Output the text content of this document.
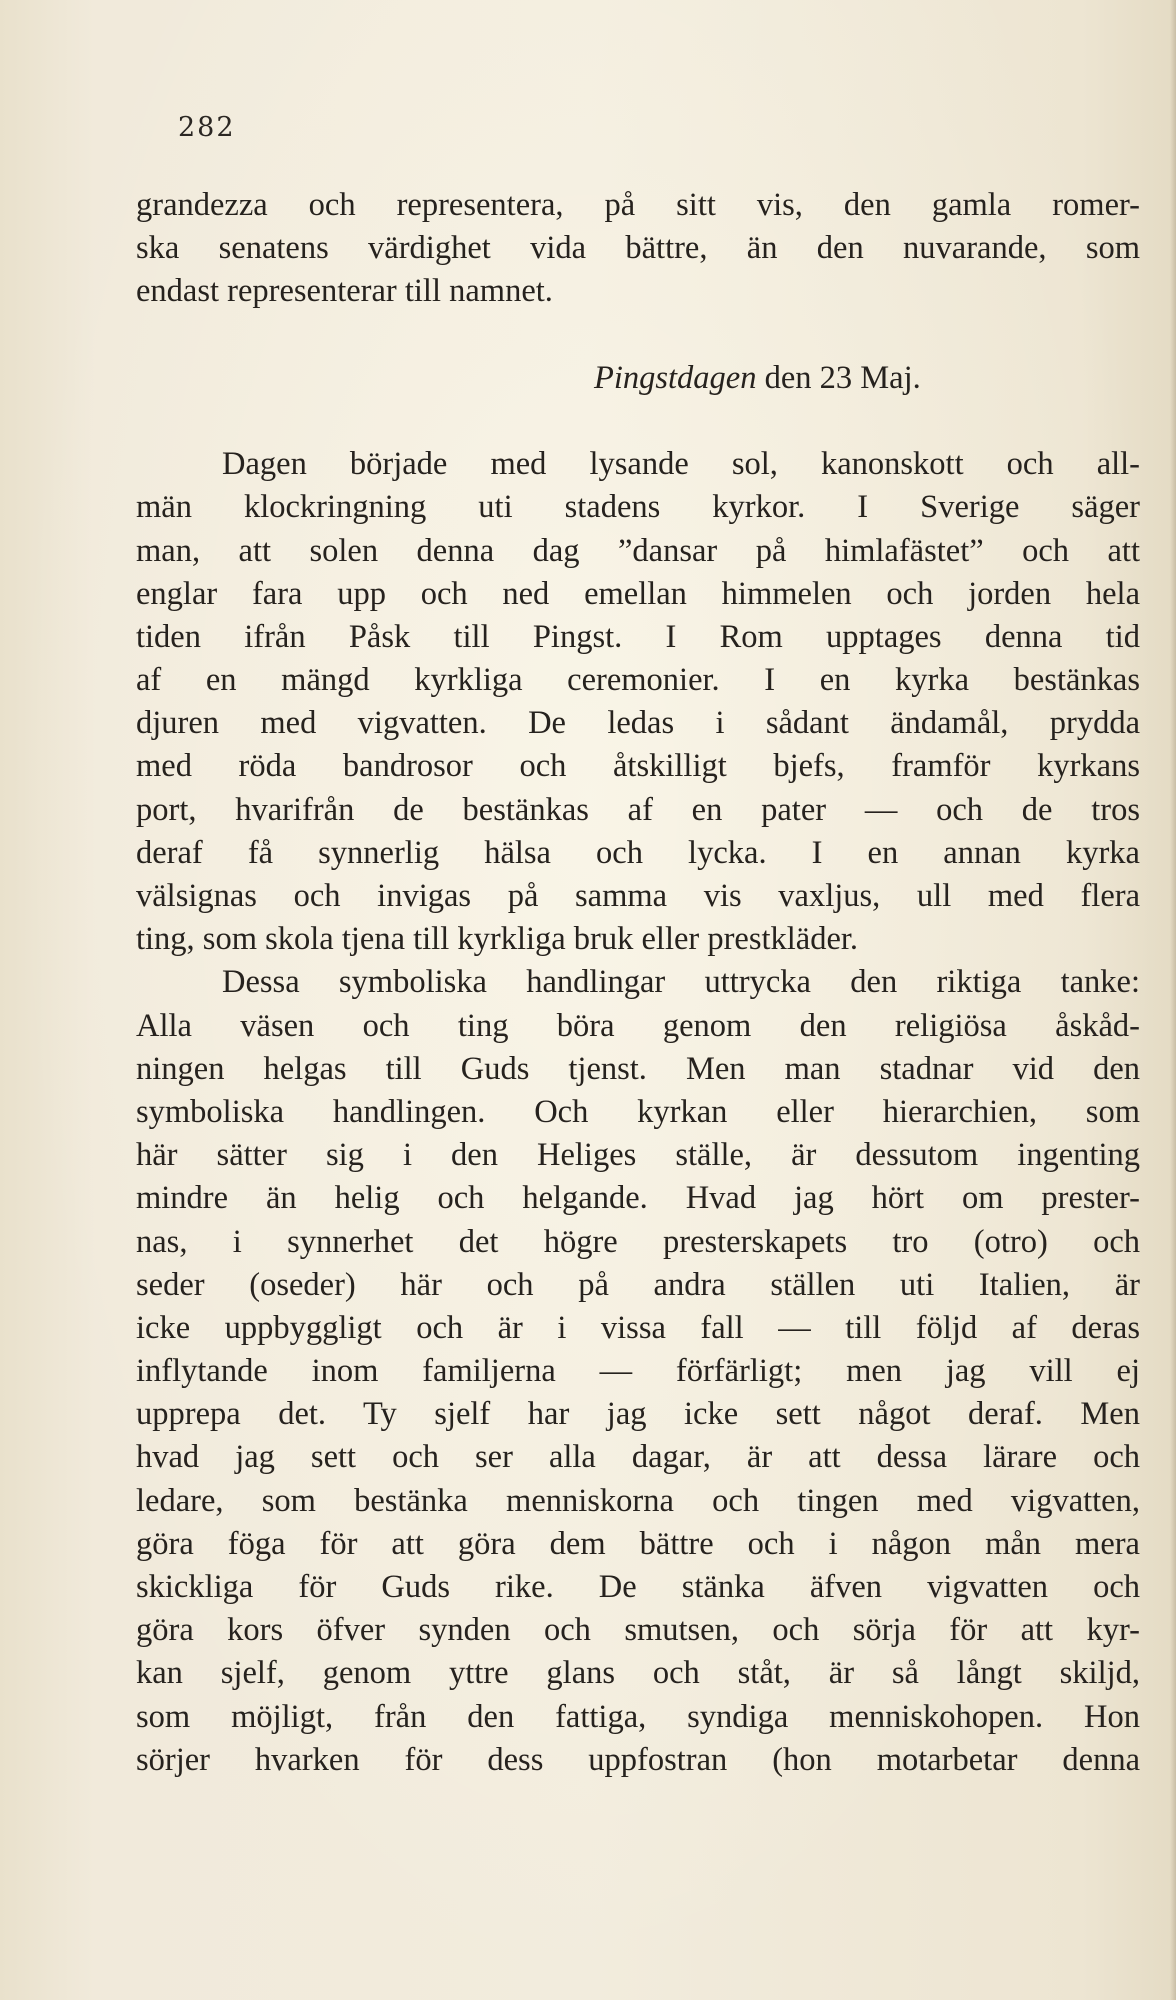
282
grandezza och representera, på sitt vis, den gamla romer-
ska senatens värdighet vida bättre, än den nuvarande, som
endast representerar till namnet.
Pingstdagen den 23 Maj.
Dagen började med lysande sol, kanonskott och all-
män klockringning uti stadens kyrkor. I Sverige säger
man, att solen denna dag ”dansar på himlafästet” och att
englar fara upp och ned emellan himmelen och jorden hela
tiden ifrån Påsk till Pingst. I Rom upptages denna tid
af en mängd kyrkliga ceremonier. I en kyrka bestänkas
djuren med vigvatten. De ledas i sådant ändamål, prydda
med röda bandrosor och åtskilligt bjefs, framför kyrkans
port, hvarifrån de bestänkas af en pater — och de tros
deraf få synnerlig hälsa och lycka. I en annan kyrka
välsignas och invigas på samma vis vaxljus, ull med flera
ting, som skola tjena till kyrkliga bruk eller prestkläder.
Dessa symboliska handlingar uttrycka den riktiga tanke:
Alla väsen och ting böra genom den religiösa åskåd-
ningen helgas till Guds tjenst. Men man stadnar vid den
symboliska handlingen. Och kyrkan eller hierarchien, som
här sätter sig i den Heliges ställe, är dessutom ingenting
mindre än helig och helgande. Hvad jag hört om prester-
nas, i synnerhet det högre presterskapets tro (otro) och
seder (oseder) här och på andra ställen uti Italien, är
icke uppbyggligt och är i vissa fall — till följd af deras
inflytande inom familjerna — förfärligt; men jag vill ej
upprepa det. Ty sjelf har jag icke sett något deraf. Men
hvad jag sett och ser alla dagar, är att dessa lärare och
ledare, som bestänka menniskorna och tingen med vigvatten,
göra föga för att göra dem bättre och i någon mån mera
skickliga för Guds rike. De stänka äfven vigvatten och
göra kors öfver synden och smutsen, och sörja för att kyr-
kan sjelf, genom yttre glans och ståt, är så långt skiljd,
som möjligt, från den fattiga, syndiga menniskohopen. Hon
sörjer hvarken för dess uppfostran (hon motarbetar denna
